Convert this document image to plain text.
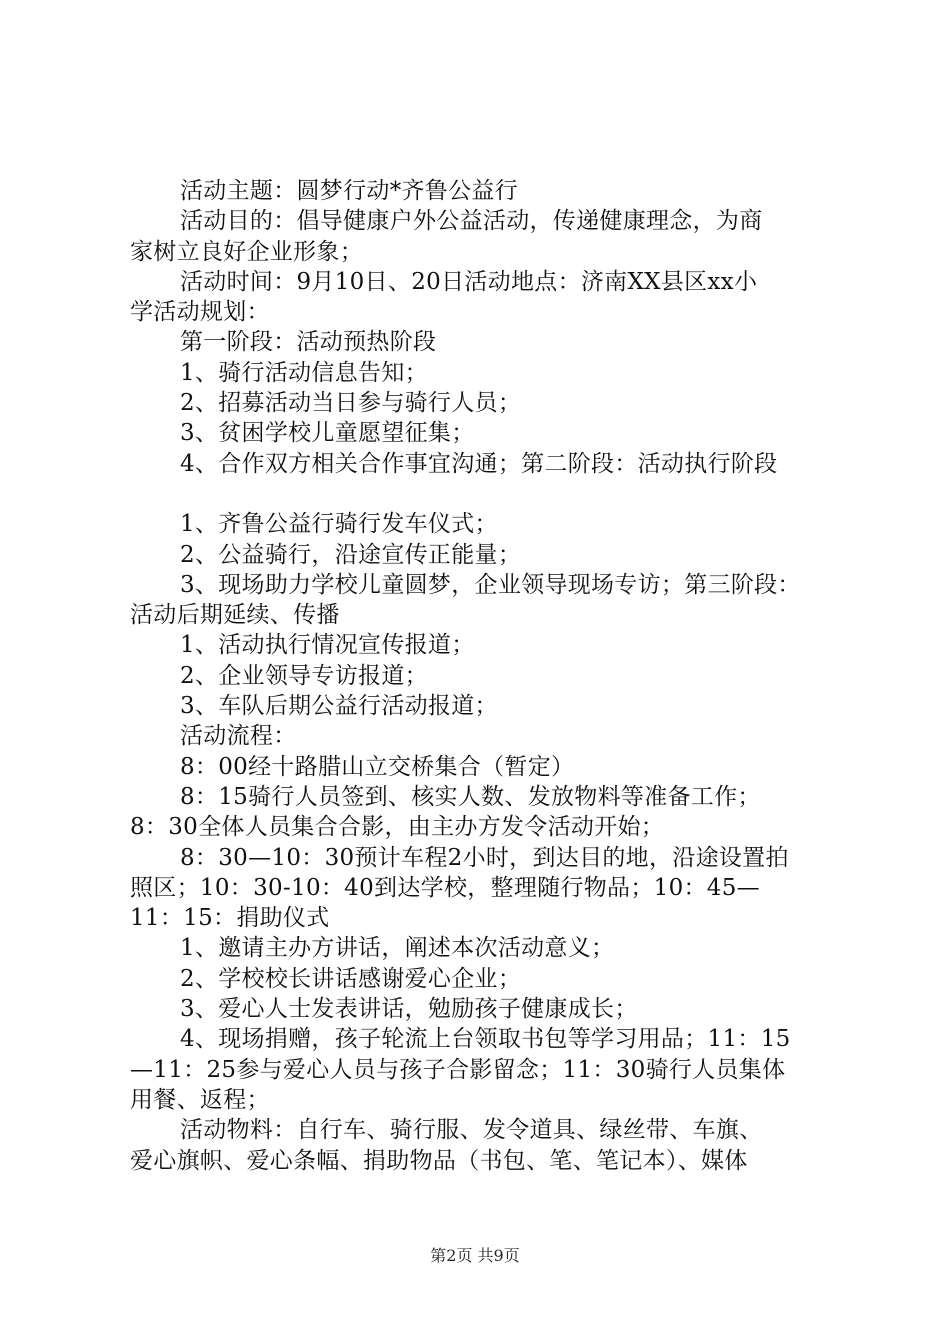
活动主题：圆梦行动*齐鲁公益行
活动目的：倡导健康户外公益活动，传递健康理念，为商
家树立良好企业形象；
活动时间：9月10日、20日活动地点：济南XX县区xx小
学活动规划：
第一阶段：活动预热阶段
1、骑行活动信息告知；
2、招募活动当日参与骑行人员；
3、贫困学校儿童愿望征集；
4、合作双方相关合作事宜沟通；第二阶段：活动执行阶段
1、齐鲁公益行骑行发车仪式；
2、公益骑行，沿途宣传正能量；
3、现场助力学校儿童圆梦，企业领导现场专访；第三阶段：
活动后期延续、传播
1、活动执行情况宣传报道；
2、企业领导专访报道；
3、车队后期公益行活动报道；
活动流程：
8：00经十路腊山立交桥集合（暂定）
8：15骑行人员签到、核实人数、发放物料等准备工作；
8：30全体人员集合合影，由主办方发令活动开始；
8：30—10：30预计车程2小时，到达目的地，沿途设置拍
照区；10：30-10：40到达学校，整理随行物品；10：45—
11：15：捐助仪式
1、邀请主办方讲话，阐述本次活动意义；
2、学校校长讲话感谢爱心企业；
3、爱心人士发表讲话，勉励孩子健康成长；
4、现场捐赠，孩子轮流上台领取书包等学习用品；11：15
—11：25参与爱心人员与孩子合影留念；11：30骑行人员集体
用餐、返程；
活动物料：自行车、骑行服、发令道具、绿丝带、车旗、
爱心旗帜、爱心条幅、捐助物品（书包、笔、笔记本）、媒体
第2页 共9页
